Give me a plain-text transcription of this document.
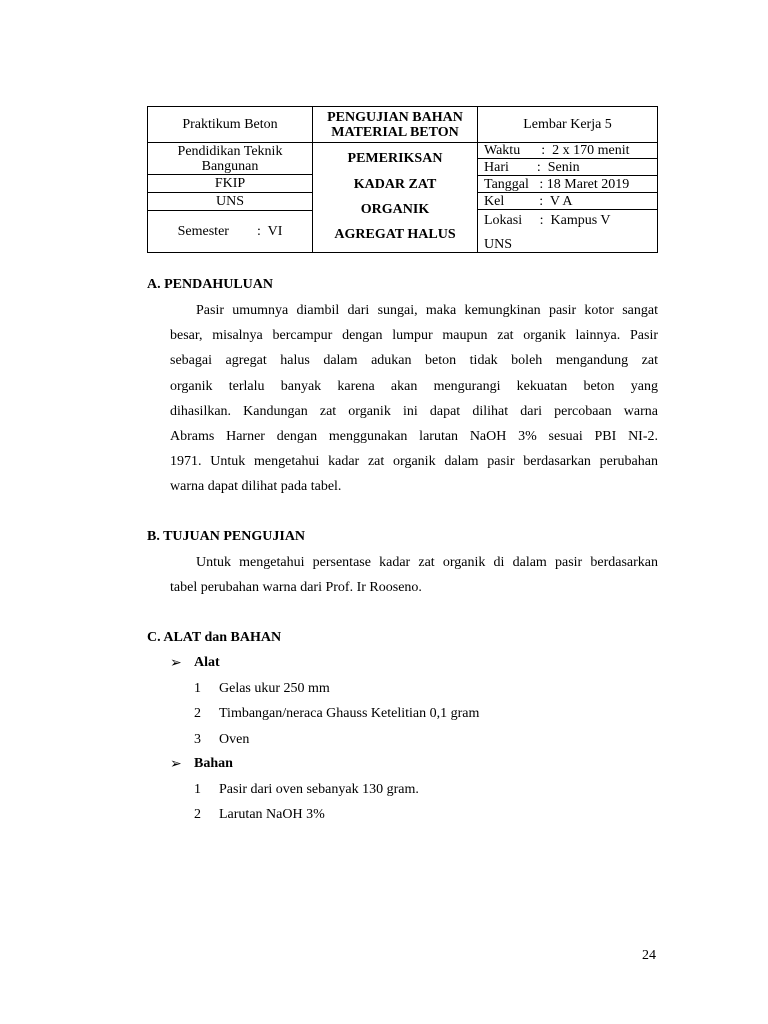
Praktikum Beton
Pendidikan Teknik Bangunan
FKIP
UNS
Semester        :  VI
PENGUJIAN BAHAN
MATERIAL BETON
PEMERIKSAN
KADAR ZAT
ORGANIK
AGREGAT HALUS
Lembar Kerja 5
Waktu      :  2 x 170 menit
Hari        :  Senin
Tanggal   : 18 Maret 2019
Kel          :  V A
Lokasi     :  Kampus V
UNS
A. PENDAHULUAN
Pasir umumnya diambil dari sungai, maka kemungkinan pasir kotor sangat
besar, misalnya bercampur dengan lumpur maupun zat organik lainnya. Pasir
sebagai agregat halus dalam adukan beton tidak boleh mengandung zat
organik terlalu banyak karena akan mengurangi kekuatan beton yang
dihasilkan. Kandungan zat organik ini dapat dilihat dari percobaan warna
Abrams Harner dengan menggunakan larutan NaOH 3% sesuai PBI NI-2.
1971. Untuk mengetahui kadar zat organik dalam pasir berdasarkan perubahan
warna dapat dilihat pada tabel.
B. TUJUAN PENGUJIAN
Untuk mengetahui persentase kadar zat organik di dalam pasir berdasarkan
tabel perubahan warna dari Prof. Ir Rooseno.
C. ALAT dan BAHAN
➢ Alat
1 Gelas ukur 250 mm
2 Timbangan/neraca Ghauss Ketelitian 0,1 gram
3 Oven
➢ Bahan
1 Pasir dari oven sebanyak 130 gram.
2 Larutan NaOH 3%
24
